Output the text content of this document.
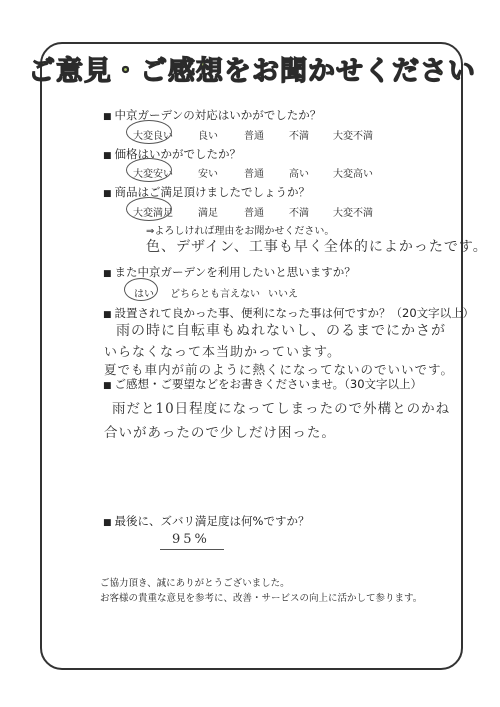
ご意見・ご感想をお聞かせください
■ 中京ガーデンの対応はいかがでしたか？
大変良い	良い	普通	不満 大変不満
■ 価格はいかがでしたか？
大変安い	安い	普通	高い 大変高い
■ 商品はご満足頂けましたでしょうか？
大変満足	満足	普通	不満 大変不満
⇒よろしければ理由をお聞かせください。
色、デザイン、工事も早く全体的によかったです。
■ また中京ガーデンを利用したいと思いますか？
はい どちらとも言えない いいえ
■ 設置されて良かった事、便利になった事は何ですか？（20文字以上）
雨の時に自転車もぬれないし、のるまでにかさが
いらなくなって本当助かっています。
夏でも車内が前のように熱くになってないのでいいです。
■ ご感想・ご要望などをお書きくださいませ。（30文字以上）
雨だと10日程度になってしまったので外構とのかね
合いがあったので少しだけ困った。
■ 最後に、ズバリ満足度は何%ですか？
95%
ご協力頂き、誠にありがとうございました。
お客様の貴重な意見を参考に、改善・サービスの向上に活かして参ります。
